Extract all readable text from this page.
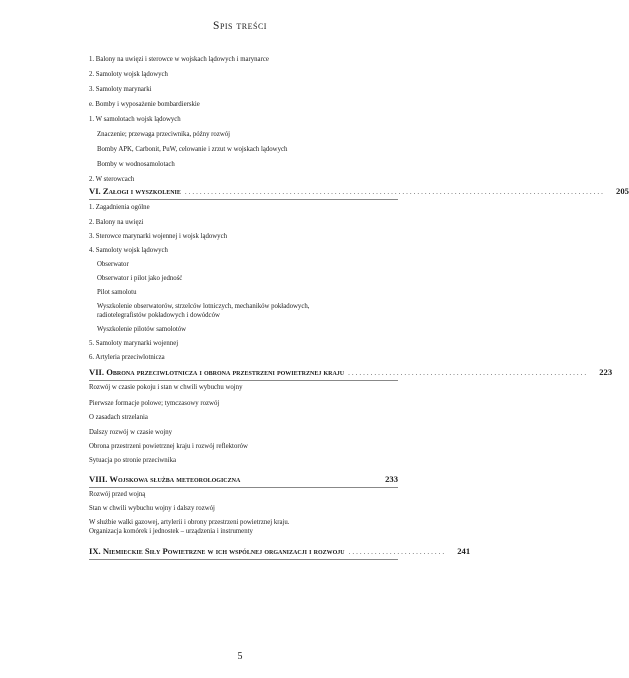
Spis treści
1. Balony na uwięzi i sterowce w wojskach lądowych i marynarce
2. Samoloty wojsk lądowych
3. Samoloty marynarki
e. Bomby i wyposażenie bombardierskie
1. W samolotach wojsk lądowych
Znaczenie; przewaga przeciwnika, późny rozwój
Bomby APK, Carbonit, PuW, celowanie i zrzut w wojskach lądowych
Bomby w wodnosamolotach
2. W sterowcach
VI. Załogi i wyszkolenie ................................................................................................................	205
1. Zagadnienia ogólne
2. Balony na uwięzi
3. Sterowce marynarki wojennej i wojsk lądowych
4. Samoloty wojsk lądowych
Obserwator
Obserwator i pilot jako jedność
Pilot samolotu
Wyszkolenie obserwatorów, strzelców lotniczych, mechaników pokładowych,
radiotelegrafistów pokładowych i dowódców
Wyszkolenie pilotów samolotów
5. Samoloty marynarki wojennej
6. Artyleria przeciwlotnicza
VII. Obrona przeciwlotnicza i obrona przestrzeni powietrznej kraju ................................................................	223
Rozwój w czasie pokoju i stan w chwili wybuchu wojny
Pierwsze formacje polowe; tymczasowy rozwój
O zasadach strzelania
Dalszy rozwój w czasie wojny
Obrona przestrzeni powietrznej kraju i rozwój reflektorów
Sytuacja po stronie przeciwnika
VIII. Wojskowa służba meteorologiczna	233
Rozwój przed wojną
Stan w chwili wybuchu wojny i dalszy rozwój
W służbie walki gazowej, artylerii i obrony przestrzeni powietrznej kraju.
Organizacja komórek i jednostek – urządzenia i instrumenty
IX. Niemieckie Siły Powietrzne w ich wspólnej organizacji i rozwoju ..........................	241
5
